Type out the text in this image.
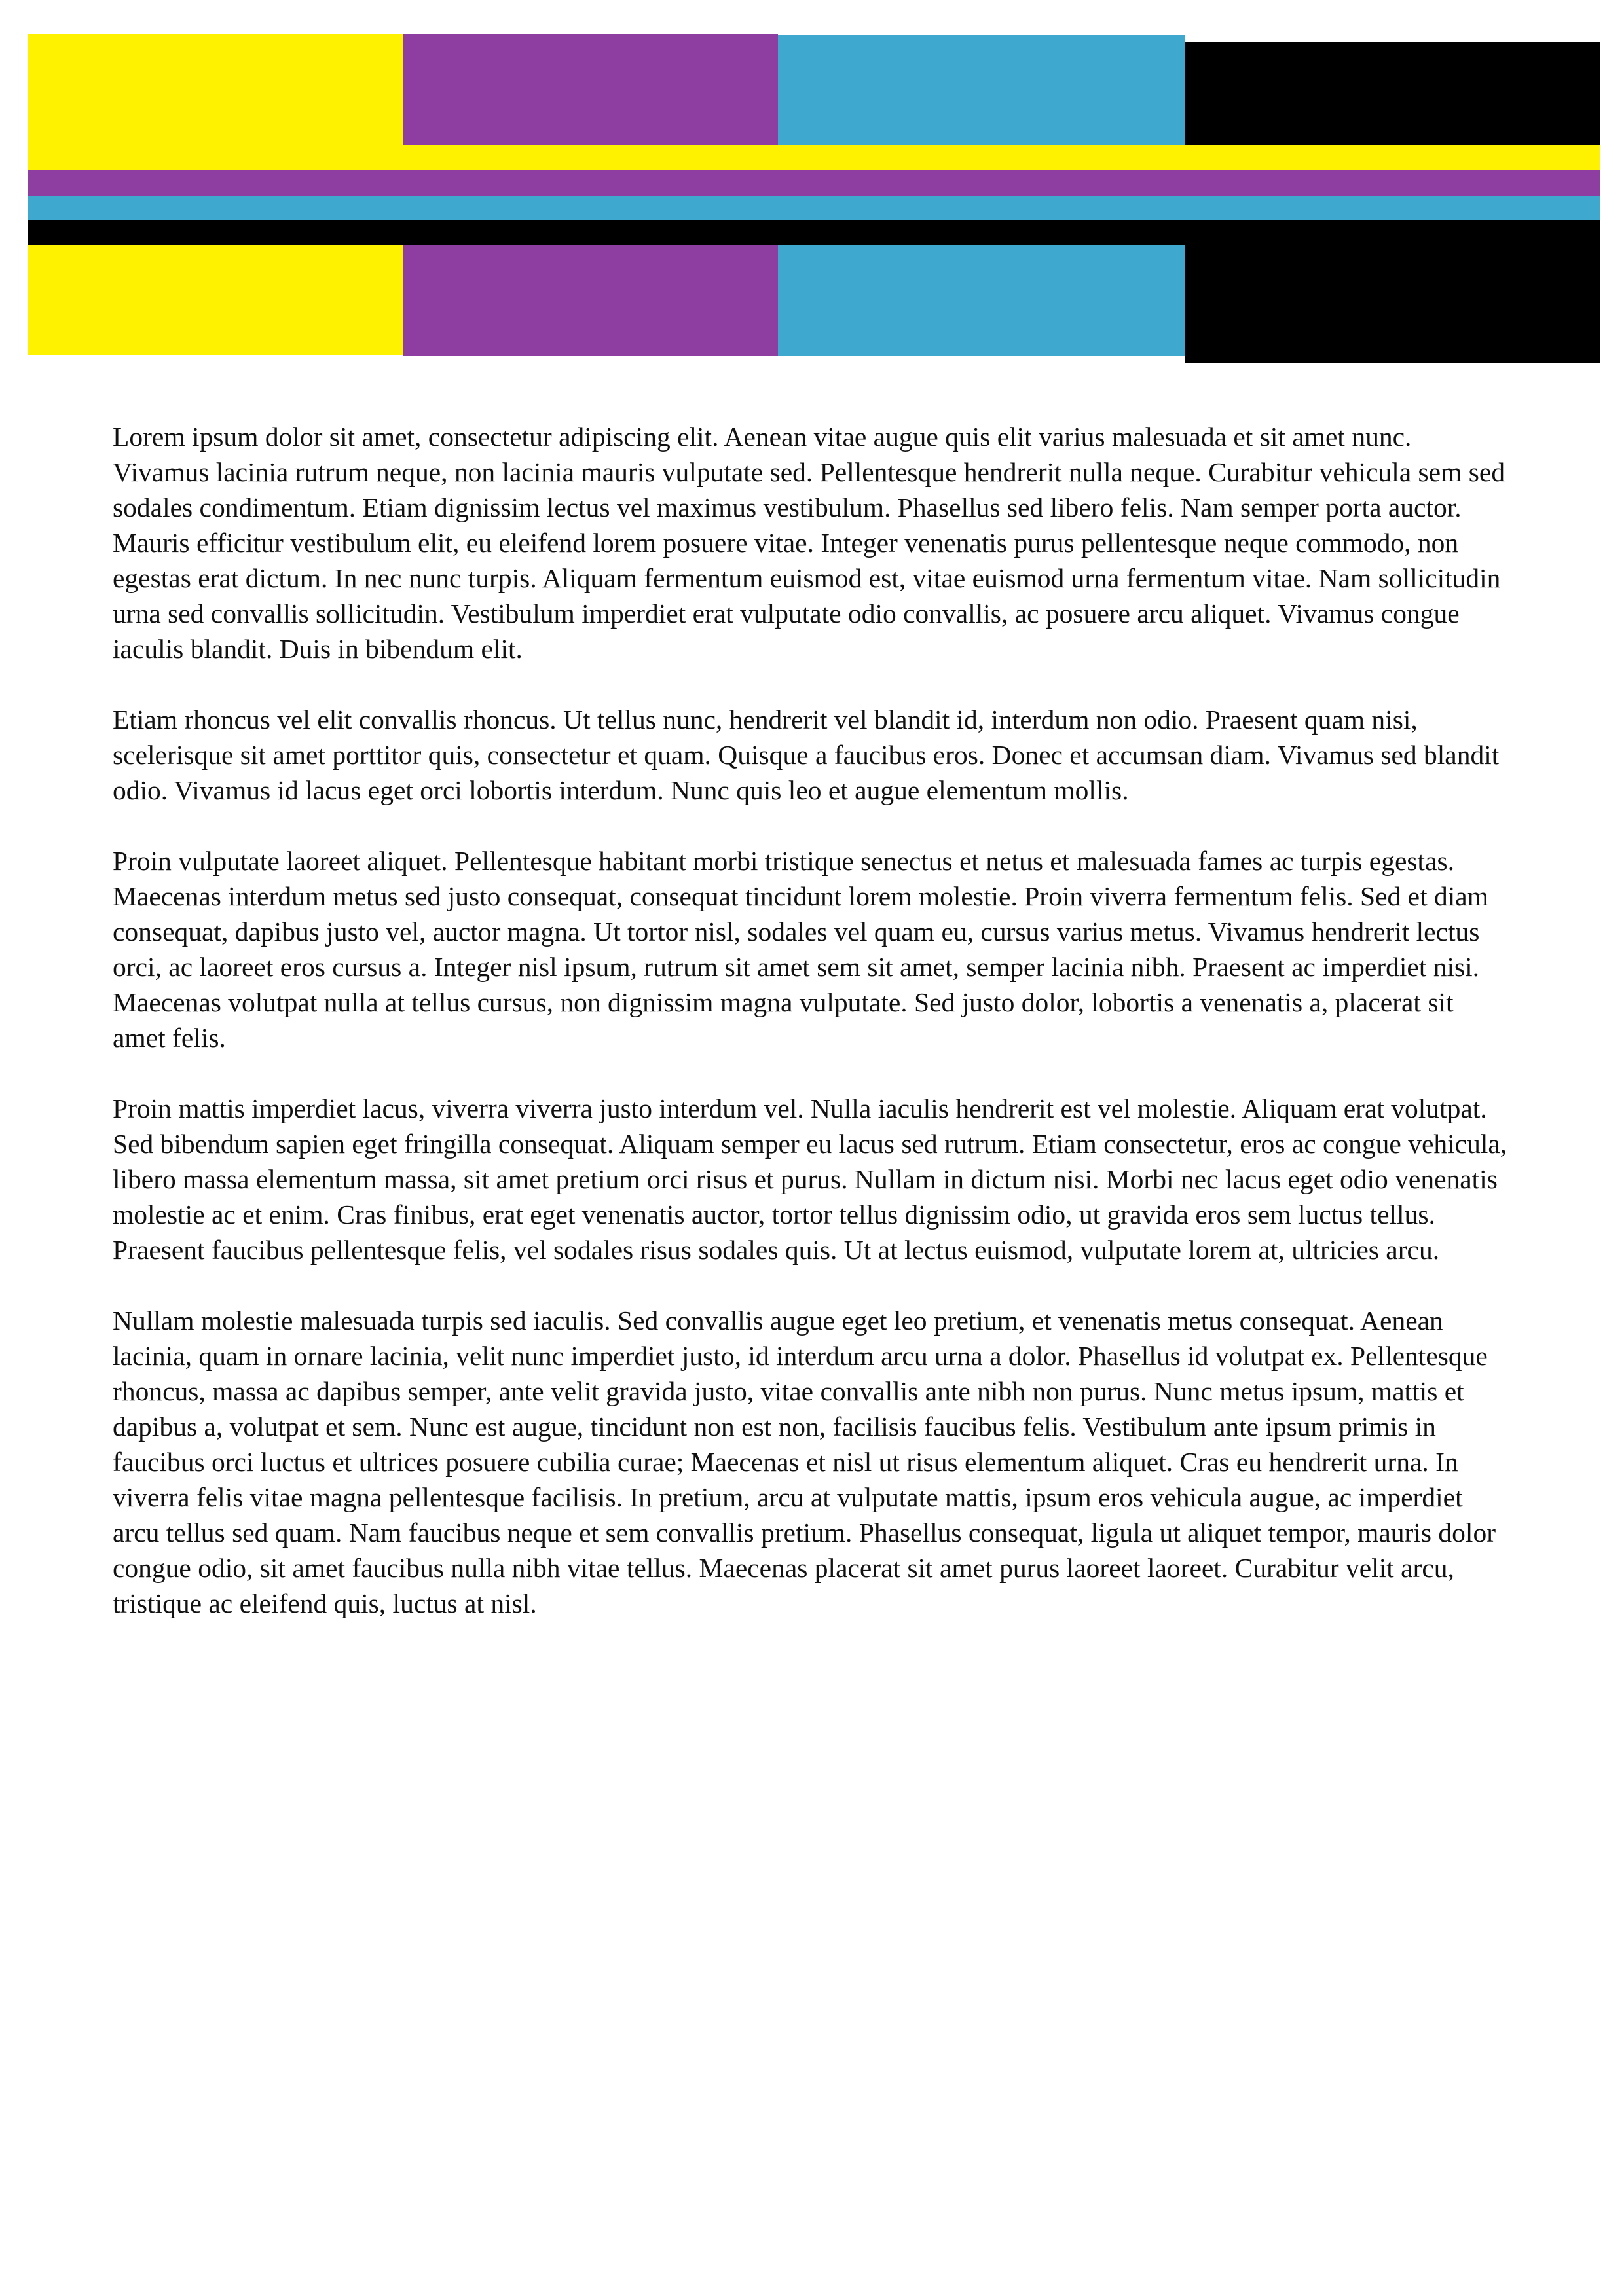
Lorem ipsum dolor sit amet, consectetur adipiscing elit. Aenean vitae augue quis elit varius malesuada et sit amet nunc. Vivamus lacinia rutrum neque, non lacinia mauris vulputate sed. Pellentesque hendrerit nulla neque. Curabitur vehicula sem sed sodales condimentum. Etiam dignissim lectus vel maximus vestibulum. Phasellus sed libero felis. Nam semper porta auctor. Mauris efficitur vestibulum elit, eu eleifend lorem posuere vitae. Integer venenatis purus pellentesque neque commodo, non egestas erat dictum. In nec nunc turpis. Aliquam fermentum euismod est, vitae euismod urna fermentum vitae. Nam sollicitudin urna sed convallis sollicitudin. Vestibulum imperdiet erat vulputate odio convallis, ac posuere arcu aliquet. Vivamus congue iaculis blandit. Duis in bibendum elit.

Etiam rhoncus vel elit convallis rhoncus. Ut tellus nunc, hendrerit vel blandit id, interdum non odio. Praesent quam nisi, scelerisque sit amet porttitor quis, consectetur et quam. Quisque a faucibus eros. Donec et accumsan diam. Vivamus sed blandit odio. Vivamus id lacus eget orci lobortis interdum. Nunc quis leo et augue elementum mollis.

Proin vulputate laoreet aliquet. Pellentesque habitant morbi tristique senectus et netus et malesuada fames ac turpis egestas. Maecenas interdum metus sed justo consequat, consequat tincidunt lorem molestie. Proin viverra fermentum felis. Sed et diam consequat, dapibus justo vel, auctor magna. Ut tortor nisl, sodales vel quam eu, cursus varius metus. Vivamus hendrerit lectus orci, ac laoreet eros cursus a. Integer nisl ipsum, rutrum sit amet sem sit amet, semper lacinia nibh. Praesent ac imperdiet nisi. Maecenas volutpat nulla at tellus cursus, non dignissim magna vulputate. Sed justo dolor, lobortis a venenatis a, placerat sit amet felis.

Proin mattis imperdiet lacus, viverra viverra justo interdum vel. Nulla iaculis hendrerit est vel molestie. Aliquam erat volutpat. Sed bibendum sapien eget fringilla consequat. Aliquam semper eu lacus sed rutrum. Etiam consectetur, eros ac congue vehicula, libero massa elementum massa, sit amet pretium orci risus et purus. Nullam in dictum nisi. Morbi nec lacus eget odio venenatis molestie ac et enim. Cras finibus, erat eget venenatis auctor, tortor tellus dignissim odio, ut gravida eros sem luctus tellus. Praesent faucibus pellentesque felis, vel sodales risus sodales quis. Ut at lectus euismod, vulputate lorem at, ultricies arcu.

Nullam molestie malesuada turpis sed iaculis. Sed convallis augue eget leo pretium, et venenatis metus consequat. Aenean lacinia, quam in ornare lacinia, velit nunc imperdiet justo, id interdum arcu urna a dolor. Phasellus id volutpat ex. Pellentesque rhoncus, massa ac dapibus semper, ante velit gravida justo, vitae convallis ante nibh non purus. Nunc metus ipsum, mattis et dapibus a, volutpat et sem. Nunc est augue, tincidunt non est non, facilisis faucibus felis. Vestibulum ante ipsum primis in faucibus orci luctus et ultrices posuere cubilia curae; Maecenas et nisl ut risus elementum aliquet. Cras eu hendrerit urna. In viverra felis vitae magna pellentesque facilisis. In pretium, arcu at vulputate mattis, ipsum eros vehicula augue, ac imperdiet arcu tellus sed quam. Nam faucibus neque et sem convallis pretium. Phasellus consequat, ligula ut aliquet tempor, mauris dolor congue odio, sit amet faucibus nulla nibh vitae tellus. Maecenas placerat sit amet purus laoreet laoreet. Curabitur velit arcu, tristique ac eleifend quis, luctus at nisl.
